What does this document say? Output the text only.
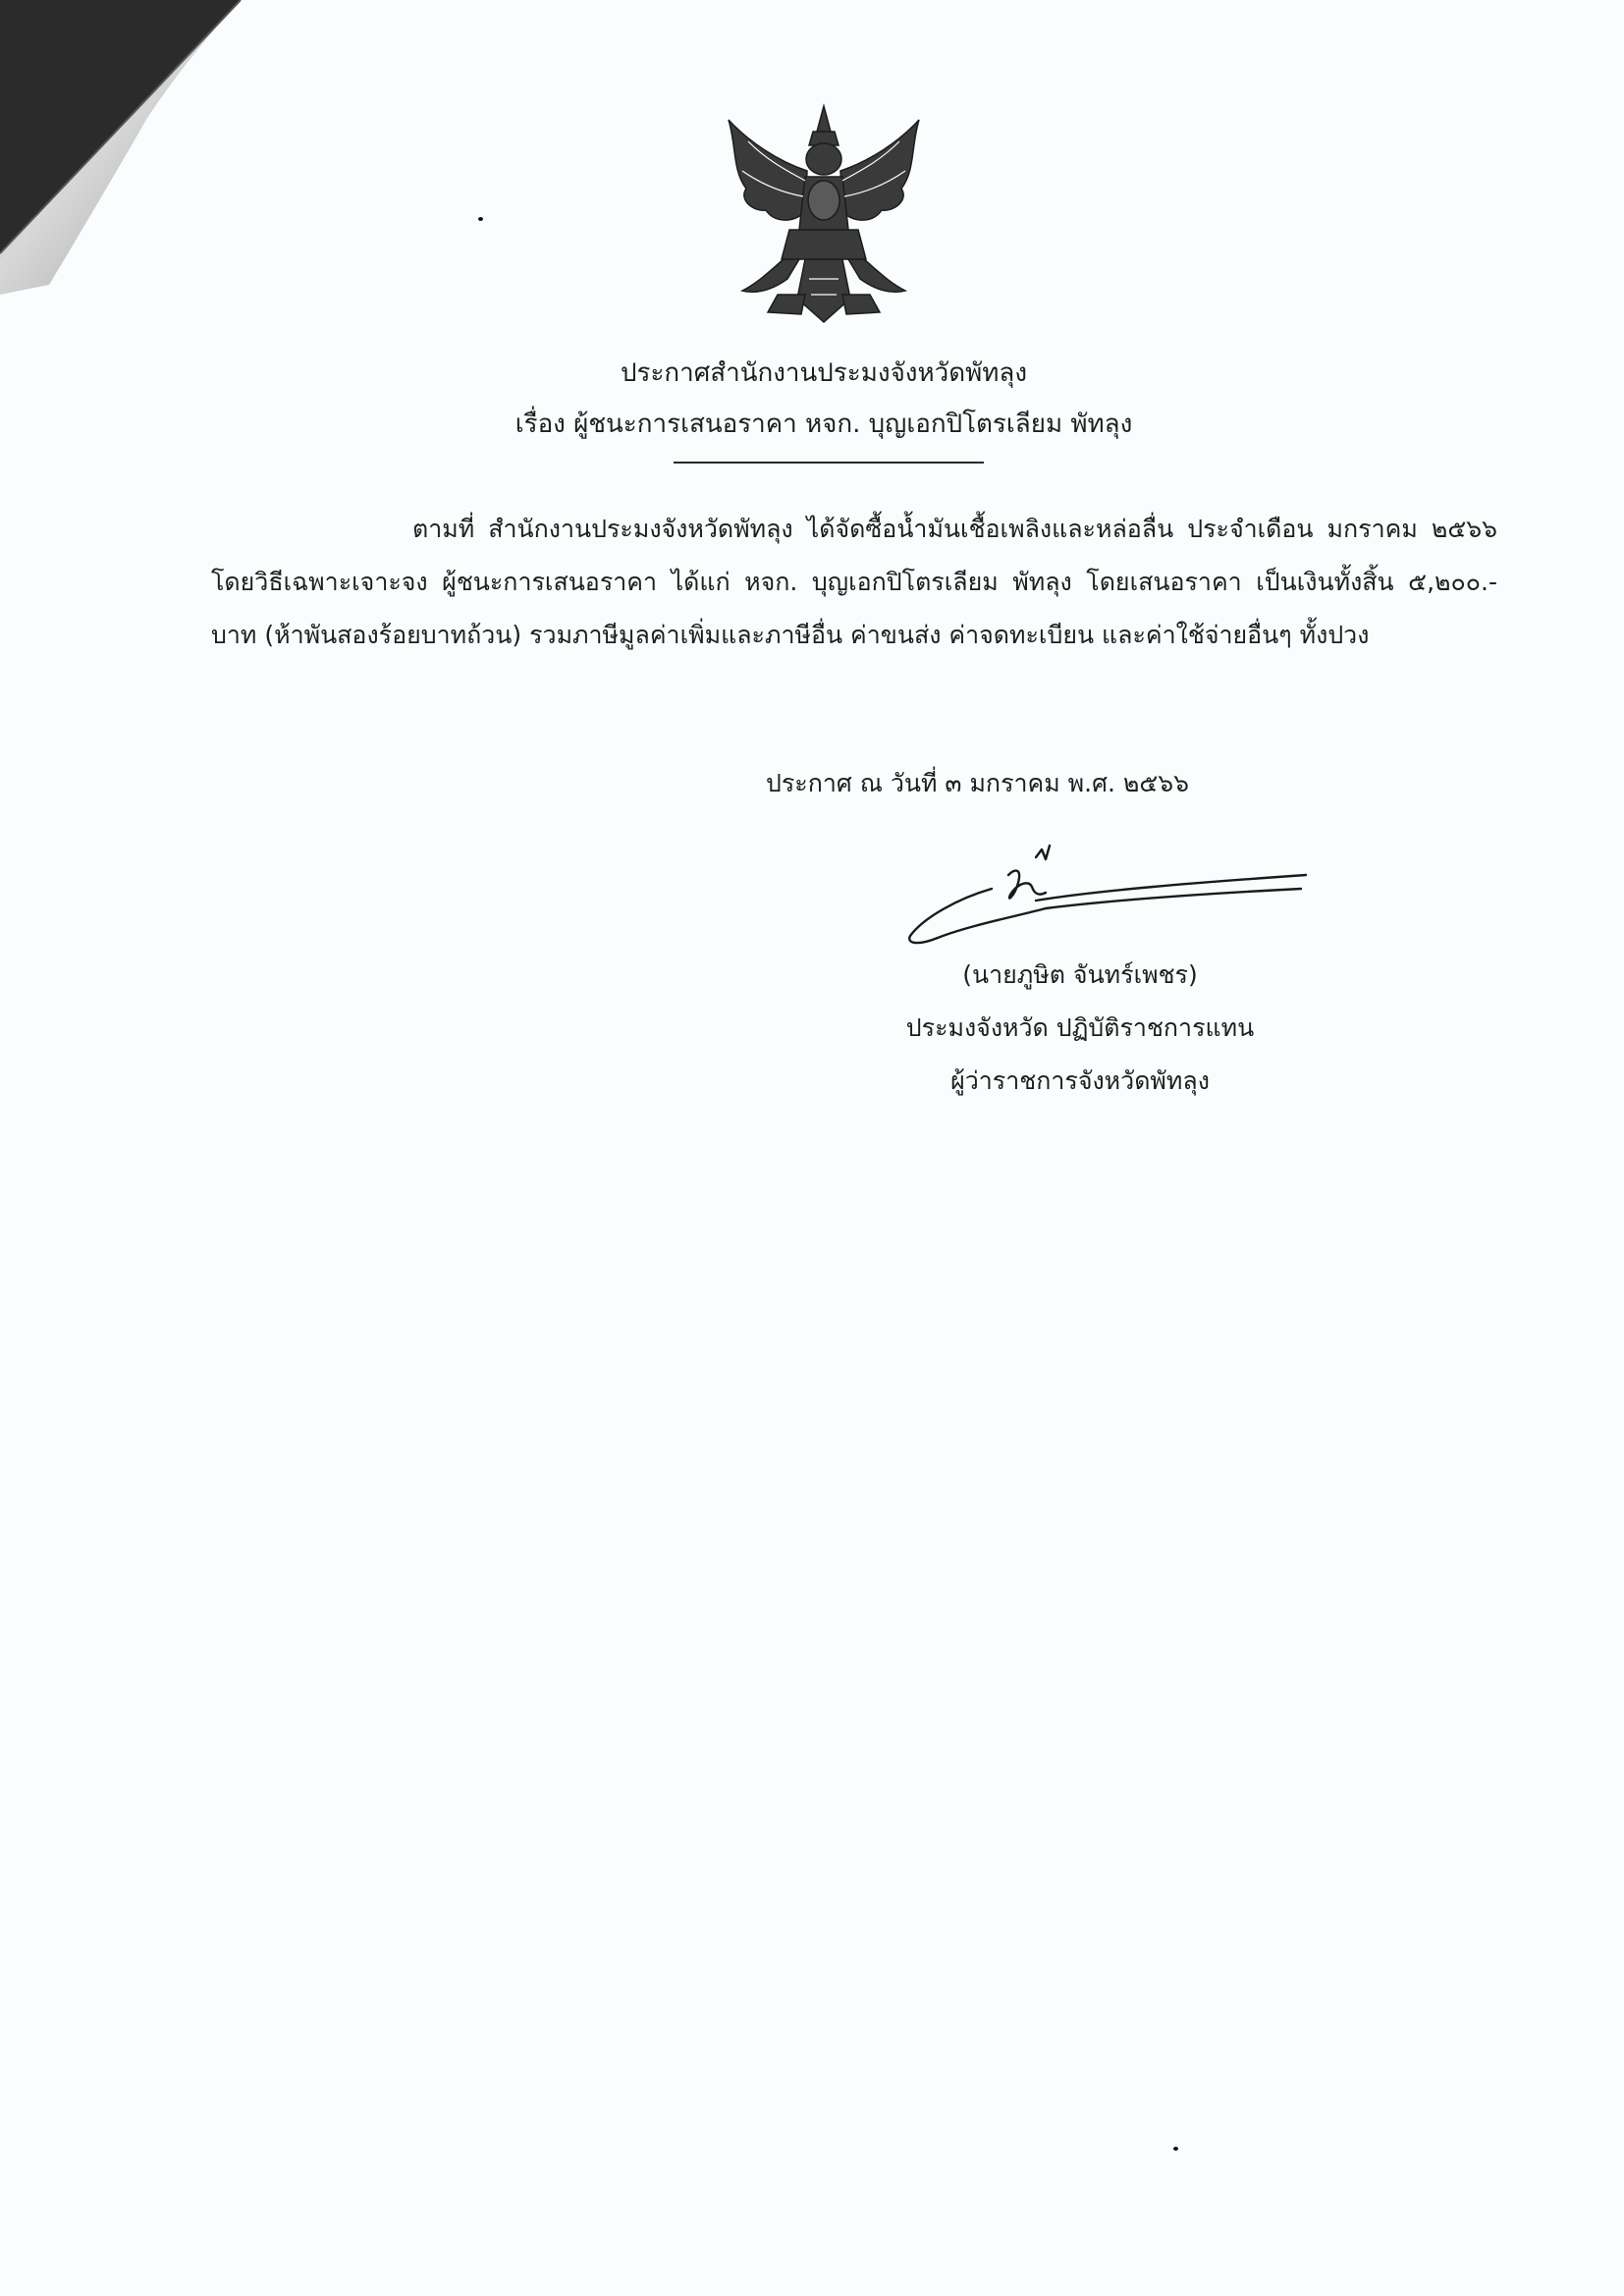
ประกาศสำนักงานประมงจังหวัดพัทลุง
เรื่อง ผู้ชนะการเสนอราคา หจก. บุญเอกปิโตรเลียม พัทลุง
ตามที่ สำนักงานประมงจังหวัดพัทลุง ได้จัดซื้อน้ำมันเชื้อเพลิงและหล่อลื่น ประจำเดือน มกราคม ๒๕๖๖ โดยวิธีเฉพาะเจาะจง ผู้ชนะการเสนอราคา ได้แก่ หจก. บุญเอกปิโตรเลียม พัทลุง โดยเสนอราคา เป็นเงินทั้งสิ้น ๕,๒๐๐.- บาท (ห้าพันสองร้อยบาทถ้วน) รวมภาษีมูลค่าเพิ่มและภาษีอื่น ค่าขนส่ง ค่าจดทะเบียน และค่าใช้จ่ายอื่นๆ ทั้งปวง
ประกาศ ณ วันที่ ๓ มกราคม พ.ศ. ๒๕๖๖
(นายภูษิต จันทร์เพชร)
ประมงจังหวัด ปฏิบัติราชการแทน
ผู้ว่าราชการจังหวัดพัทลุง
